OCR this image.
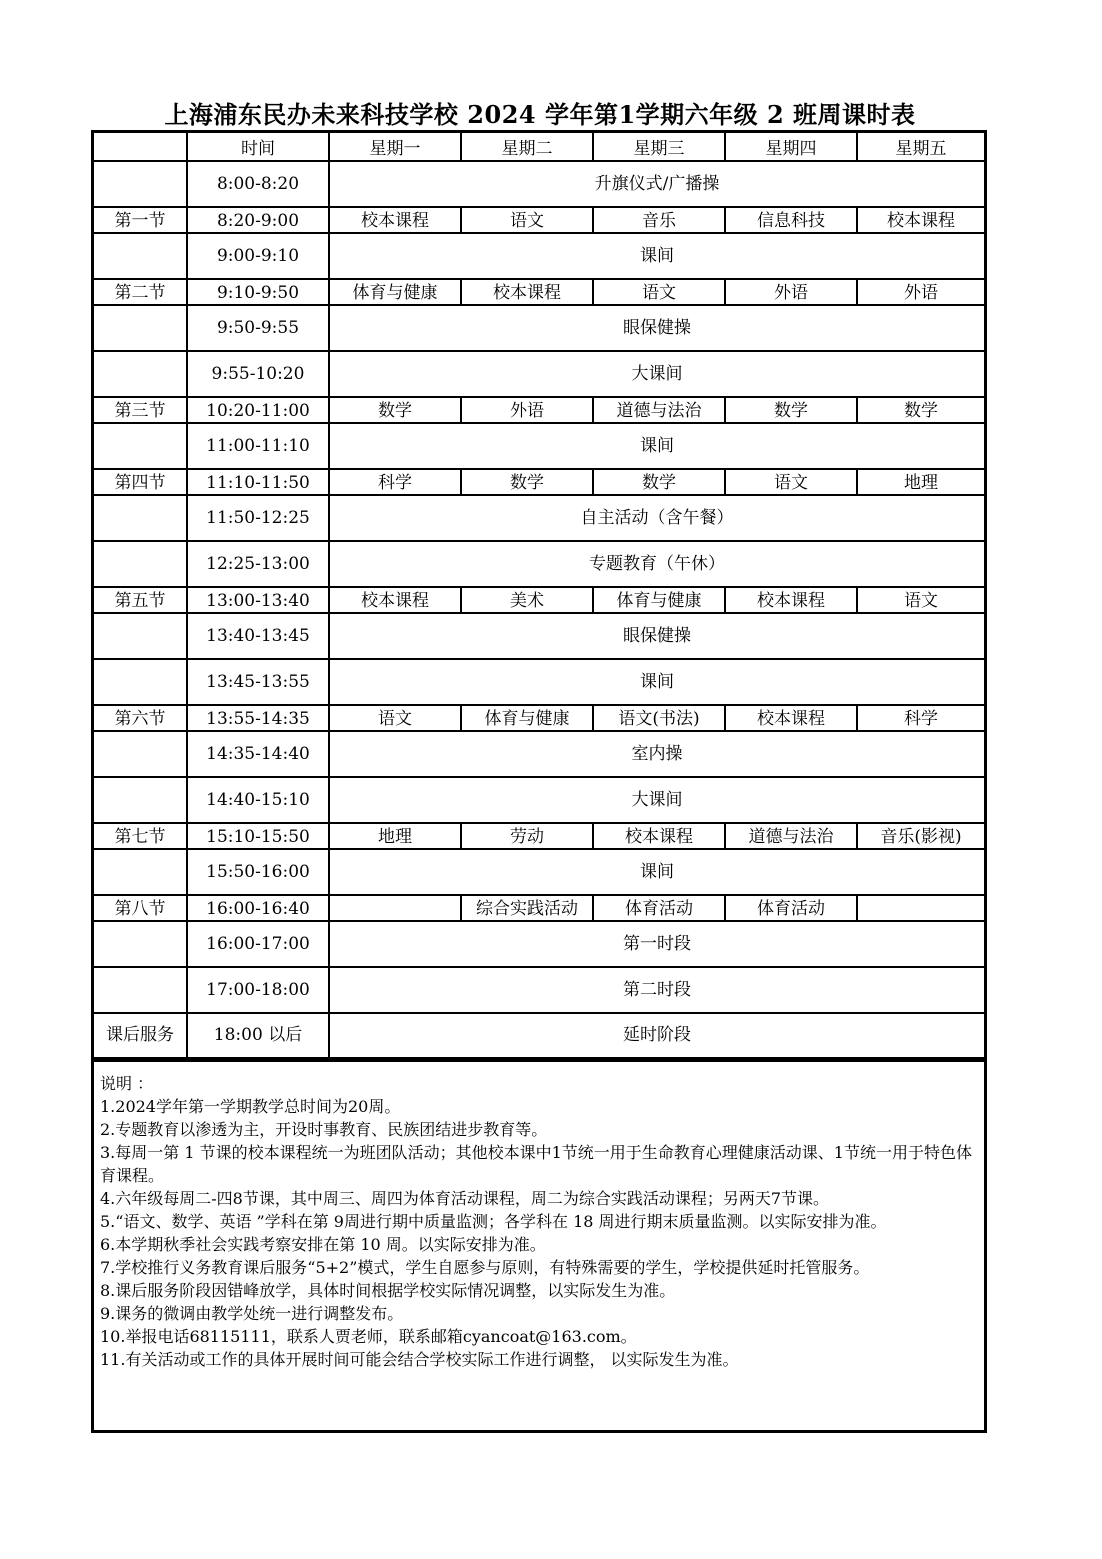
上海浦东民办未来科技学校 2024 学年第1学期六年级 2 班周课时表
	时间	星期一	星期二	星期三	星期四	星期五
	8:00-8:20	升旗仪式/广播操				
第一节	8:20-9:00	校本课程	语文	音乐	信息科技	校本课程
	9:00-9:10	课间				
第二节	9:10-9:50	体育与健康	校本课程	语文	外语	外语
	9:50-9:55	眼保健操				
	9:55-10:20	大课间				
第三节	10:20-11:00	数学	外语	道德与法治	数学	数学
	11:00-11:10	课间				
第四节	11:10-11:50	科学	数学	数学	语文	地理
	11:50-12:25	自主活动（含午餐）				
	12:25-13:00	专题教育（午休）				
第五节	13:00-13:40	校本课程	美术	体育与健康	校本课程	语文
	13:40-13:45	眼保健操				
	13:45-13:55	课间				
第六节	13:55-14:35	语文	体育与健康	语文(书法)	校本课程	科学
	14:35-14:40	室内操				
	14:40-15:10	大课间				
第七节	15:10-15:50	地理	劳动	校本课程	道德与法治	音乐(影视)
	15:50-16:00	课间				
第八节	16:00-16:40		综合实践活动	体育活动	体育活动	
	16:00-17:00	第一时段				
	17:00-18:00	第二时段				
课后服务	18:00 以后	延时阶段				
说明 ：
1.2024学年第一学期教学总时间为20周。
2.专题教育以渗透为主，开设时事教育、民族团结进步教育等。
3.每周一第 1 节课的校本课程统一为班团队活动；其他校本课中1节统一用于生命教育心理健康活动课、1节统一用于特色体育课程。
4.六年级每周二-四8节课，其中周三、周四为体育活动课程，周二为综合实践活动课程；另两天7节课。
5.“语文、数学、英语 ”学科在第 9周进行期中质量监测；各学科在 18 周进行期末质量监测。以实际安排为准。
6.本学期秋季社会实践考察安排在第 10 周。以实际安排为准。
7.学校推行义务教育课后服务“5+2”模式，学生自愿参与原则，有特殊需要的学生，学校提供延时托管服务。
8.课后服务阶段因错峰放学，具体时间根据学校实际情况调整，以实际发生为准。
9.课务的微调由教学处统一进行调整发布。
10.举报电话68115111，联系人贾老师，联系邮箱cyancoat@163.com。
11.有关活动或工作的具体开展时间可能会结合学校实际工作进行调整， 以实际发生为准。
